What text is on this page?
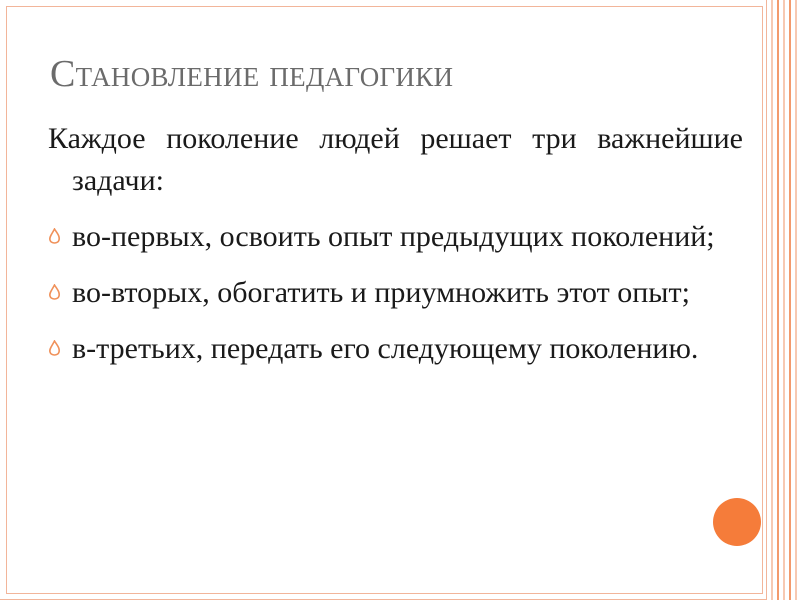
Становление педагогики

Каждое поколение людей решает три важнейшие задачи:

во-первых, освоить опыт предыдущих поколений;
во-вторых, обогатить и приумножить этот опыт;
в-третьих, передать его следующему поколению.
